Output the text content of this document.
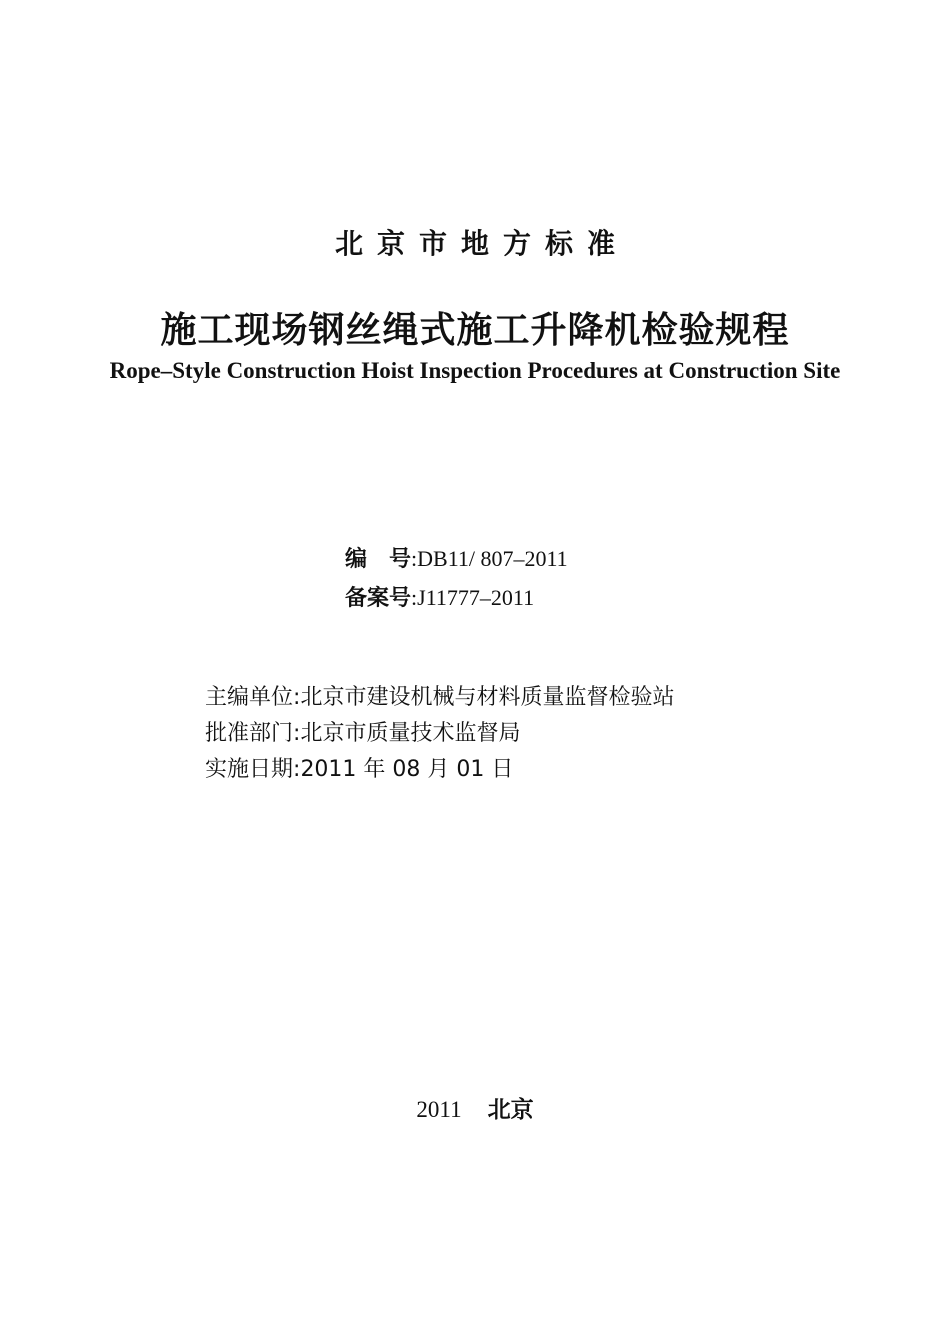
北京市地方标准
施工现场钢丝绳式施工升降机检验规程
Rope–Style Construction Hoist Inspection Procedures at Construction Site
编　号:DB11/ 807–2011
备案号:J11777–2011
主编单位:北京市建设机械与材料质量监督检验站
批准部门:北京市质量技术监督局
实施日期:2011 年 08 月 01 日
2011 北京
